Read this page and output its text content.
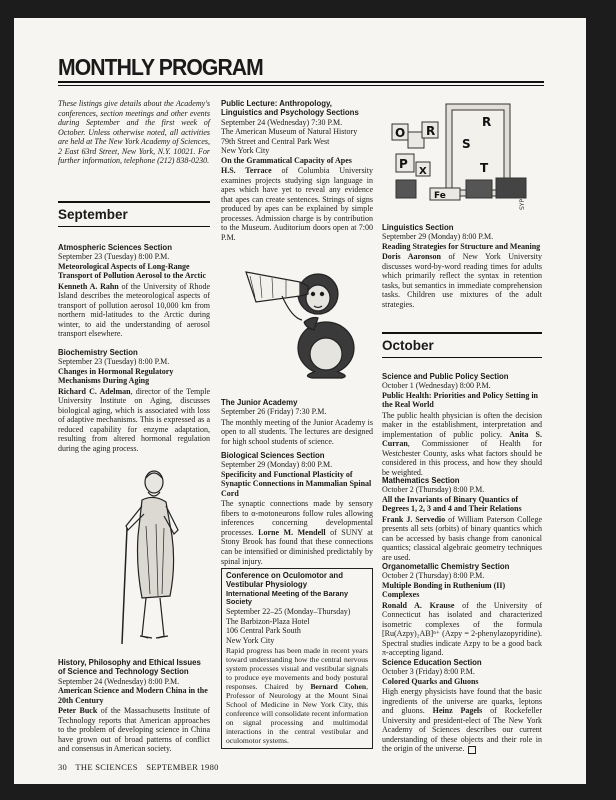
MONTHLY PROGRAM

These listings give details about the Academy's conferences, section meetings and other events during September and the first week of October. Unless otherwise noted, all activities are held at The New York Academy of Sciences, 2 East 63rd Street, New York, N.Y. 10021. For further information, telephone (212) 838-0230.

September
Atmospheric Sciences Section

September 23 (Tuesday) 8:00 P.M.

Meteorological Aspects of Long-Range Transport of Pollution Aerosol to the Arctic

Kenneth A. Rahn of the University of Rhode Island describes the meteorological aspects of transport of pollution aerosol 10,000 km from northern mid-latitudes to the Arctic during winter, to aid the understanding of aerosol transport elsewhere.

Biochemistry Section

September 23 (Tuesday) 8:00 P.M.

Changes in Hormonal Regulatory Mechanisms During Aging

Richard C. Adelman, director of the Temple University Institute on Aging, discusses biological aging, which is associated with loss of adaptive mechanisms. This is expressed as a reduced capability for enzyme adaptation, resulting from altered hormonal regulation during the aging process.

History, Philosophy and Ethical Issues of Science and Technology Section

September 24 (Wednesday) 8:00 P.M.

American Science and Modern China in the 20th Century

Peter Buck of the Massachusetts Institute of Technology reports that American approaches to the problem of developing science in China have grown out of broad patterns of conflict and consensus in American society.

Public Lecture: Anthropology, Linguistics and Psychology Sections

September 24 (Wednesday) 7:30 P.M.

The American Museum of Natural History

79th Street and Central Park West

New York City

On the Grammatical Capacity of Apes

H.S. Terrace of Columbia University examines projects studying sign language in apes which have yet to reveal any evidence that apes can create sentences. Strings of signs produced by apes can be explained by simple processes. Admission charge is by contribution to the Museum. Auditorium doors open at 7:00 P.M.

The Junior Academy

September 26 (Friday) 7:30 P.M.

The monthly meeting of the Junior Academy is open to all students. The lectures are designed for high school students of science.

Biological Sciences Section

September 29 (Monday) 8:00 P.M.

Specificity and Functional Plasticity of Synaptic Connections in Mammalian Spinal Cord

The synaptic connections made by sensory fibers to α-motoneurons follow rules allowing inferences concerning developmental processes. Lorne M. Mendell of SUNY at Stony Brook has found that these connections can be intensified or diminished predictably by spinal injury.

Conference on Oculomotor and Vestibular Physiology

International Meeting of the Barany Society

September 22–25 (Monday–Thursday)

The Barbizon-Plaza Hotel

106 Central Park South

New York City

Rapid progress has been made in recent years toward understanding how the central nervous system processes visual and vestibular signals to produce eye movements and body postural responses. Chaired by Bernard Cohen, Professor of Neurology at the Mount Sinai School of Medicine in New York City, this conference will consolidate recent information on signal processing and multimodal interactions in the central vestibular and oculomotor systems.

O R
P
S
X	T
Fe
R
SYPL
Linguistics Section

September 29 (Monday) 8:00 P.M.

Reading Strategies for Structure and Meaning

Doris Aaronson of New York University discusses word-by-word reading times for adults which primarily reflect the syntax in retention tasks, but semantics in immediate comprehension tasks. Children use mixtures of the adult strategies.

October
Science and Public Policy Section

October 1 (Wednesday) 8:00 P.M.

Public Health: Priorities and Policy Setting in the Real World

The public health physician is often the decision maker in the establishment, interpretation and implementation of public policy. Anita S. Curran, Commissioner of Health for Westchester County, asks what factors should be considered in this process, and how they should be weighted.

Mathematics Section

October 2 (Thursday) 8:00 P.M.

All the Invariants of Binary Quantics of Degrees 1, 2, 3 and 4 and Their Relations

Frank J. Servedio of William Paterson College presents all sets (orbits) of binary quantics which can be accessed by basis change from canonical quantics; classical algebraic geometry techniques are used.

Organometallic Chemistry Section

October 2 (Thursday) 8:00 P.M.

Multiple Bonding in Ruthenium (II) Complexes

Ronald A. Krause of the University of Connecticut has isolated and characterized isometric complexes of the formula [Ru(Azpy)₂AB]ⁿ⁺ (Azpy = 2-phenylazopyridine). Spectral studies indicate Azpy to be a good back π-accepting ligand.

Science Education Section

October 3 (Friday) 8:00 P.M.

Colored Quarks and Gluons

High energy physicists have found that the basic ingredients of the universe are quarks, leptons and gluons. Heinz Pagels of Rockefeller University and president-elect of The New York Academy of Sciences describes our current understanding of these objects and their role in the origin of the universe.

30 THE SCIENCES SEPTEMBER 1980
